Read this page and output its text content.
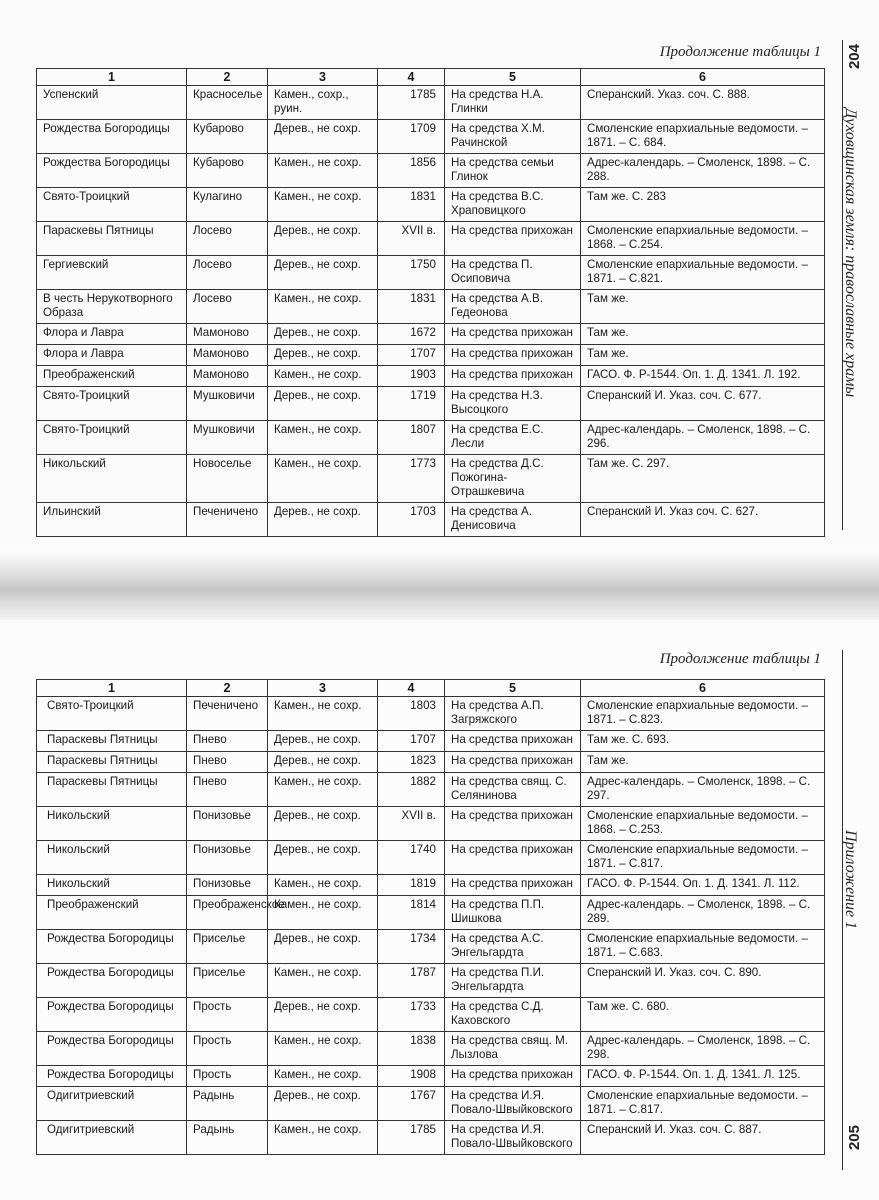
Продолжение таблицы 1 204
Духовщинская земля: православные храмы
1	2	3	4	5	6
Успенский	Красноселье	Камен., сохр., руин.	1785	На средства Н.А. Глинки	Сперанский. Указ. соч. С. 888.
Рождества Богородицы	Кубарово	Дерев., не сохр.	1709	На средства Х.М. Рачинской	Смоленские епархиальные ведомости. – 1871. – С. 684.
Рождества Богородицы	Кубарово	Камен., не сохр.	1856	На средства семьи Глинок	Адрес-календарь. – Смоленск, 1898. – С. 288.
Свято-Троицкий	Кулагино	Камен., не сохр.	1831	На средства В.С. Храповицкого	Там же. С. 283
Параскевы Пятницы	Лосево	Дерев., не сохр.	XVII в.	На средства прихожан	Смоленские епархиальные ведомости. – 1868. – С.254.
Гергиевский	Лосево	Дерев., не сохр.	1750	На средства П. Осиповича	Смоленские епархиальные ведомости. – 1871. – С.821.
В честь Нерукотворного Образа	Лосево	Камен., не сохр.	1831	На средства А.В. Гедеонова	Там же.
Флора и Лавра	Мамоново	Дерев., не сохр.	1672	На средства прихожан	Там же.
Флора и Лавра	Мамоново	Дерев., не сохр.	1707	На средства прихожан	Там же.
Преображенский	Мамоново	Камен., не сохр.	1903	На средства прихожан	ГАСО. Ф. Р-1544. Оп. 1. Д. 1341. Л. 192.
Свято-Троицкий	Мушковичи	Дерев., не сохр.	1719	На средства Н.З. Высоцкого	Сперанский И. Указ. соч. С. 677.
Свято-Троицкий	Мушковичи	Камен., не сохр.	1807	На средства Е.С. Лесли	Адрес-календарь. – Смоленск, 1898. – С. 296.
Никольский	Новоселье	Камен., не сохр.	1773	На средства Д.С. Пожогина-Отрашкевича	Там же. С. 297.
Ильинский	Печеничено	Дерев., не сохр.	1703	На средства А. Денисовича	Сперанский И. Указ соч. С. 627.
Продолжение таблицы 1
205
Приложение 1
1	2	3	4	5	6
Свято-Троицкий	Печеничено	Камен., не сохр.	1803	На средства А.П. Загряжского	Смоленские епархиальные ведомости. – 1871. – С.823.
Параскевы Пятницы	Пнево	Дерев., не сохр.	1707	На средства прихожан	Там же. С. 693.
Параскевы Пятницы	Пнево	Дерев., не сохр.	1823	На средства прихожан	Там же.
Параскевы Пятницы	Пнево	Камен., не сохр.	1882	На средства свящ. С. Селянинова	Адрес-календарь. – Смоленск, 1898. – С. 297.
Никольский	Понизовье	Дерев., не сохр.	XVII в.	На средства прихожан	Смоленские епархиальные ведомости. – 1868. – С.253.
Никольский	Понизовье	Дерев., не сохр.	1740	На средства прихожан	Смоленские епархиальные ведомости. – 1871. – С.817.
Никольский	Понизовье	Камен., не сохр.	1819	На средства прихожан	ГАСО. Ф. Р-1544. Оп. 1. Д. 1341. Л. 112.
Преображенский	Преображенское	Камен., не сохр.	1814	На средства П.П. Шишкова	Адрес-календарь. – Смоленск, 1898. – С. 289.
Рождества Богородицы	Приселье	Дерев., не сохр.	1734	На средства А.С. Энгельгардта	Смоленские епархиальные ведомости. – 1871. – С.683.
Рождества Богородицы	Приселье	Камен., не сохр.	1787	На средства П.И. Энгельгардта	Сперанский И. Указ. соч. С. 890.
Рождества Богородицы	Прость	Дерев., не сохр.	1733	На средства С.Д. Каховского	Там же. С. 680.
Рождества Богородицы	Прость	Камен., не сохр.	1838	На средства свящ. М. Лызлова	Адрес-календарь. – Смоленск, 1898. – С. 298.
Рождества Богородицы	Прость	Камен., не сохр.	1908	На средства прихожан	ГАСО. Ф. Р-1544. Оп. 1. Д. 1341. Л. 125.
Одигитриевский	Радынь	Дерев., не сохр.	1767	На средства И.Я. Повало-Швыйковского	Смоленские епархиальные ведомости. – 1871. – С.817.
Одигитриевский	Радынь	Камен., не сохр.	1785	На средства И.Я. Повало-Швыйковского	Сперанский И. Указ. соч. С. 887.
